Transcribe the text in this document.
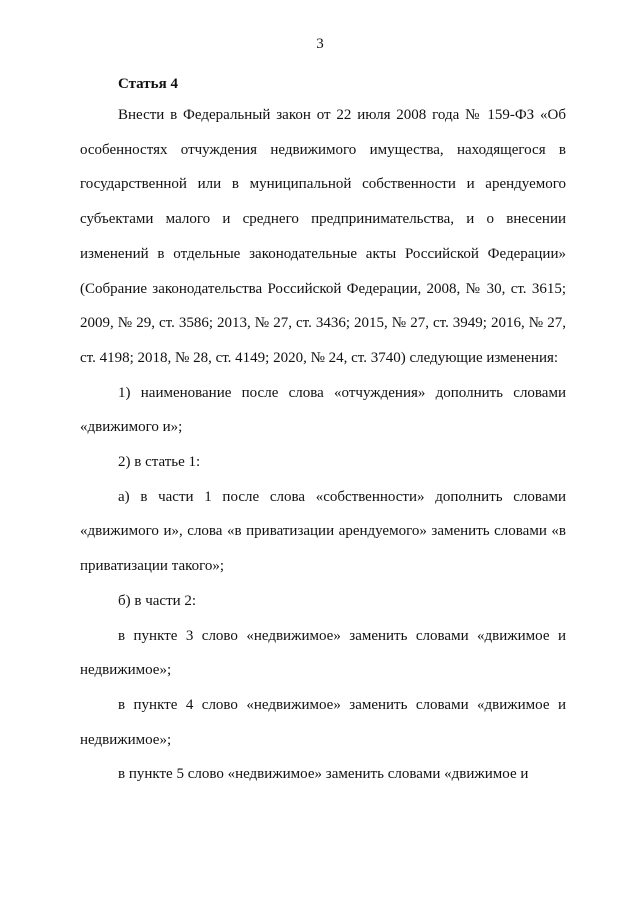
3
Статья 4

Внести в Федеральный закон от 22 июля 2008 года № 159-ФЗ «Об особенностях отчуждения недвижимого имущества, находящегося в государственной или в муниципальной собственности и арендуемого субъектами малого и среднего предпринимательства, и о внесении изменений в отдельные законодательные акты Российской Федерации» (Собрание законодательства Российской Федерации, 2008, № 30, ст. 3615; 2009, № 29, ст. 3586; 2013, № 27, ст. 3436; 2015, № 27, ст. 3949; 2016, № 27, ст. 4198; 2018, № 28, ст. 4149; 2020, № 24, ст. 3740) следующие изменения:

1) наименование после слова «отчуждения» дополнить словами «движимого и»;

2) в статье 1:

а) в части 1 после слова «собственности» дополнить словами «движимого и», слова «в приватизации арендуемого» заменить словами «в приватизации такого»;

б) в части 2:

в пункте 3 слово «недвижимое» заменить словами «движимое и недвижимое»;

в пункте 4 слово «недвижимое» заменить словами «движимое и недвижимое»;

в пункте 5 слово «недвижимое» заменить словами «движимое и
